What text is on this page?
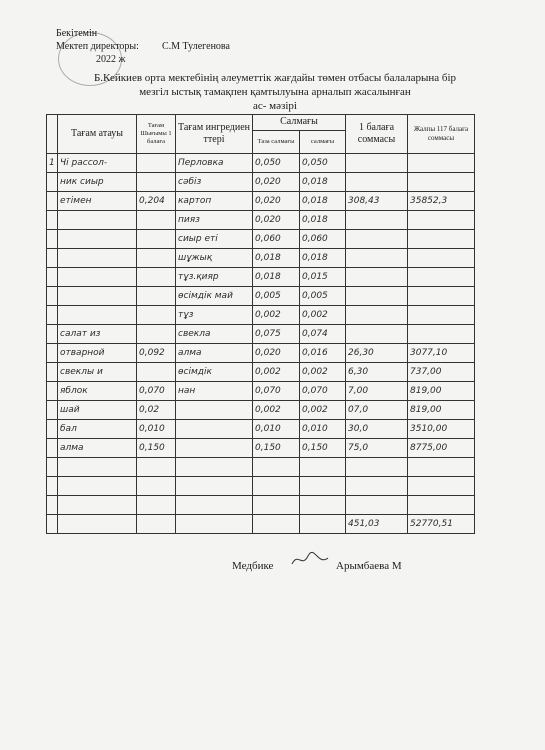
Бекітемін
Мектеп директоры: С.М Тулегенова
2022 ж
Б.Кейкиев орта мектебінің әлеуметтік жағдайы төмен отбасы балаларына бір
мезгіл ыстық тамақпен қамтылуына арналып жасалынған
ас- мәзірі
	Тағам атауы	Тағам Шығымы 1 балаға	Тағам ингредиен ттері	Салмағы		1 балаға соммасы	Жалпы 117 балаға соммасы
				Таза салмағы	салмағы		
1	Чі рассол-		Перловка	0,050	0,050		
	ник сиыр		сәбіз	0,020	0,018		
	етімен	0,204	картоп	0,020	0,018	308,43	35852,3
			пияз	0,020	0,018		
			сиыр еті	0,060	0,060		
			шұжық	0,018	0,018		
			тұз.қияр	0,018	0,015		
			өсімдік май	0,005	0,005		
			тұз	0,002	0,002		
	салат из		свекла	0,075	0,074		
	отварной	0,092	алма	0,020	0,016	26,30	3077,10
	свеклы и		өсімдік	0,002	0,002	6,30	737,00
	яблок	0,070	нан	0,070	0,070	7,00	819,00
	шай	0,02		0,002	0,002	07,0	819,00
	бал	0,010		0,010	0,010	30,0	3510,00
	алма	0,150		0,150	0,150	75,0	8775,00

						451,03	52770,51
Медбике	Арымбаева М
